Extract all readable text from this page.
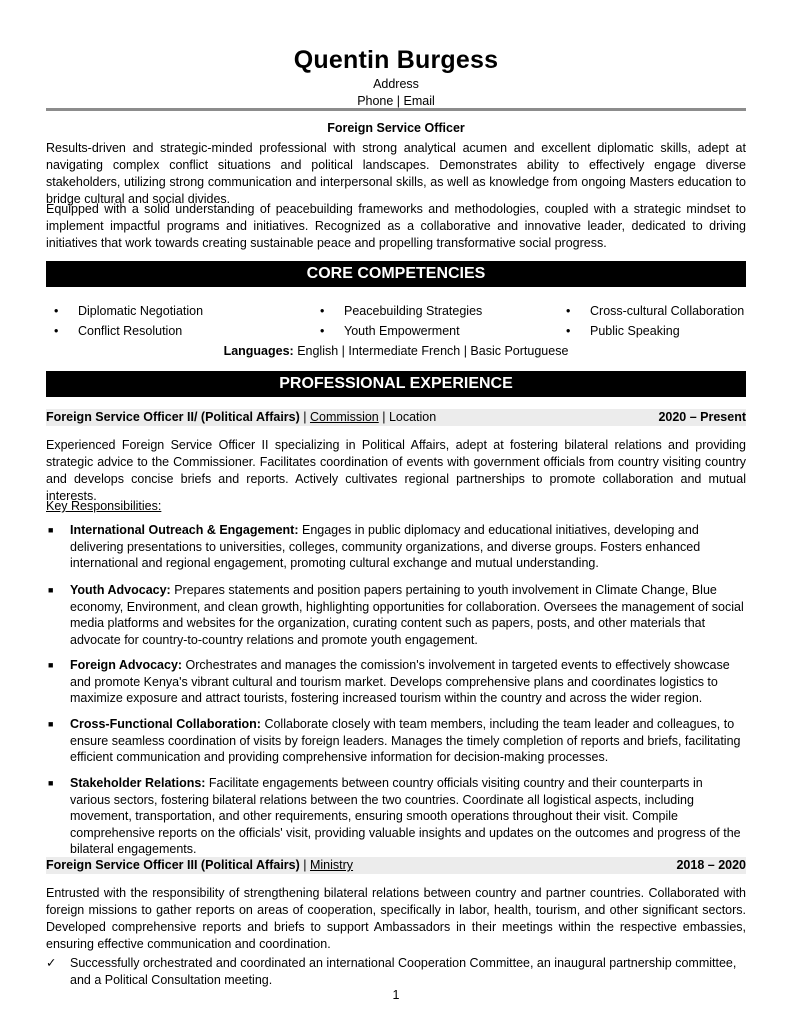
Quentin Burgess
Address
Phone | Email
Foreign Service Officer
Results-driven and strategic-minded professional with strong analytical acumen and excellent diplomatic skills, adept at navigating complex conflict situations and political landscapes. Demonstrates ability to effectively engage diverse stakeholders, utilizing strong communication and interpersonal skills, as well as knowledge from ongoing Masters education to bridge cultural and social divides.
Equipped with a solid understanding of peacebuilding frameworks and methodologies, coupled with a strategic mindset to implement impactful programs and initiatives. Recognized as a collaborative and innovative leader, dedicated to driving initiatives that work towards creating sustainable peace and propelling transformative social progress.
CORE COMPETENCIES
• Diplomatic Negotiation
• Conflict Resolution
• Peacebuilding Strategies
• Youth Empowerment
• Cross-cultural Collaboration
• Public Speaking
Languages: English | Intermediate French | Basic Portuguese
PROFESSIONAL EXPERIENCE
Foreign Service Officer II/ (Political Affairs) | Commission | Location	2020 – Present
Experienced Foreign Service Officer II specializing in Political Affairs, adept at fostering bilateral relations and providing strategic advice to the Commissioner. Facilitates coordination of events with government officials from country visiting country and develops concise briefs and reports. Actively cultivates regional partnerships to promote collaboration and mutual interests.
Key Responsibilities:
■ International Outreach & Engagement: Engages in public diplomacy and educational initiatives, developing and delivering presentations to universities, colleges, community organizations, and diverse groups. Fosters enhanced international and regional engagement, promoting cultural exchange and mutual understanding.
■ Youth Advocacy: Prepares statements and position papers pertaining to youth involvement in Climate Change, Blue economy, Environment, and clean growth, highlighting opportunities for collaboration. Oversees the management of social media platforms and websites for the organization, curating content such as papers, posts, and other materials that advocate for country-to-country relations and promote youth engagement.
■ Foreign Advocacy: Orchestrates and manages the comission's involvement in targeted events to effectively showcase and promote Kenya's vibrant cultural and tourism market. Develops comprehensive plans and coordinates logistics to maximize exposure and attract tourists, fostering increased tourism within the country and across the wider region.
■ Cross-Functional Collaboration: Collaborate closely with team members, including the team leader and colleagues, to ensure seamless coordination of visits by foreign leaders. Manages the timely completion of reports and briefs, facilitating efficient communication and providing comprehensive information for decision-making processes.
■ Stakeholder Relations: Facilitate engagements between country officials visiting country and their counterparts in various sectors, fostering bilateral relations between the two countries. Coordinate all logistical aspects, including movement, transportation, and other requirements, ensuring smooth operations throughout their visit. Compile comprehensive reports on the officials' visit, providing valuable insights and updates on the outcomes and progress of the bilateral engagements.
Foreign Service Officer III (Political Affairs) | Ministry	2018 – 2020
Entrusted with the responsibility of strengthening bilateral relations between country and partner countries. Collaborated with foreign missions to gather reports on areas of cooperation, specifically in labor, health, tourism, and other significant sectors. Developed comprehensive reports and briefs to support Ambassadors in their meetings within the respective embassies, ensuring effective communication and coordination.
✓ Successfully orchestrated and coordinated an international Cooperation Committee, an inaugural partnership committee, and a Political Consultation meeting.
1
